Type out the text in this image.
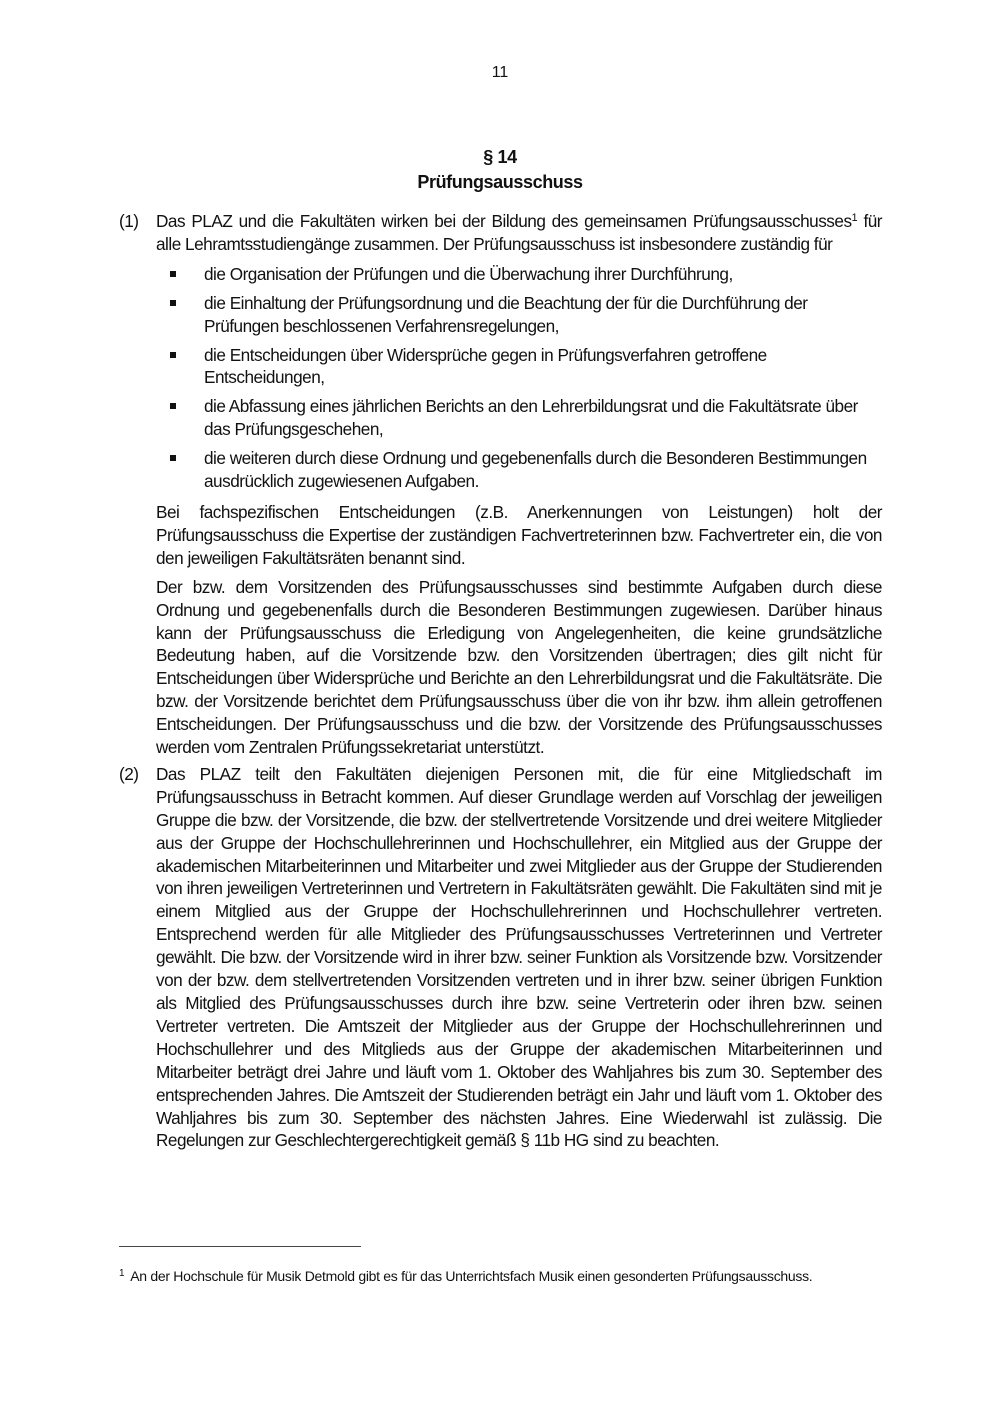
11
§ 14
Prüfungsausschuss
(1) Das PLAZ und die Fakultäten wirken bei der Bildung des gemeinsamen Prüfungsausschusses$^1$ für alle Lehramtsstudiengänge zusammen. Der Prüfungsausschuss ist insbesondere zuständig für
die Organisation der Prüfungen und die Überwachung ihrer Durchführung,
die Einhaltung der Prüfungsordnung und die Beachtung der für die Durchführung der Prüfungen beschlossenen Verfahrensregelungen,
die Entscheidungen über Widersprüche gegen in Prüfungsverfahren getroffene Entscheidungen,
die Abfassung eines jährlichen Berichts an den Lehrerbildungsrat und die Fakultätsrate über das Prüfungsgeschehen,
die weiteren durch diese Ordnung und gegebenenfalls durch die Besonderen Bestimmungen ausdrücklich zugewiesenen Aufgaben.
Bei fachspezifischen Entscheidungen (z.B. Anerkennungen von Leistungen) holt der Prüfungsausschuss die Expertise der zuständigen Fachvertreterinnen bzw. Fachvertreter ein, die von den jeweiligen Fakultätsräten benannt sind.
Der bzw. dem Vorsitzenden des Prüfungsausschusses sind bestimmte Aufgaben durch diese Ordnung und gegebenenfalls durch die Besonderen Bestimmungen zugewiesen. Darüber hinaus kann der Prüfungsausschuss die Erledigung von Angelegenheiten, die keine grundsätzliche Bedeutung haben, auf die Vorsitzende bzw. den Vorsitzenden übertragen; dies gilt nicht für Entscheidungen über Widersprüche und Berichte an den Lehrerbildungsrat und die Fakultätsräte. Die bzw. der Vorsitzende berichtet dem Prüfungsausschuss über die von ihr bzw. ihm allein getroffenen Entscheidungen. Der Prüfungsausschuss und die bzw. der Vorsitzende des Prüfungsausschusses werden vom Zentralen Prüfungssekretariat unterstützt.
(2) Das PLAZ teilt den Fakultäten diejenigen Personen mit, die für eine Mitgliedschaft im Prüfungsausschuss in Betracht kommen. Auf dieser Grundlage werden auf Vorschlag der jeweiligen Gruppe die bzw. der Vorsitzende, die bzw. der stellvertretende Vorsitzende und drei weitere Mitglieder aus der Gruppe der Hochschullehrerinnen und Hochschullehrer, ein Mitglied aus der Gruppe der akademischen Mitarbeiterinnen und Mitarbeiter und zwei Mitglieder aus der Gruppe der Studierenden von ihren jeweiligen Vertreterinnen und Vertretern in Fakultätsräten gewählt. Die Fakultäten sind mit je einem Mitglied aus der Gruppe der Hochschullehrerinnen und Hochschullehrer vertreten. Entsprechend werden für alle Mitglieder des Prüfungsausschusses Vertreterinnen und Vertreter gewählt. Die bzw. der Vorsitzende wird in ihrer bzw. seiner Funktion als Vorsitzende bzw. Vorsitzender von der bzw. dem stellvertretenden Vorsitzenden vertreten und in ihrer bzw. seiner übrigen Funktion als Mitglied des Prüfungsausschusses durch ihre bzw. seine Vertreterin oder ihren bzw. seinen Vertreter vertreten. Die Amtszeit der Mitglieder aus der Gruppe der Hochschullehrerinnen und Hochschullehrer und des Mitglieds aus der Gruppe der akademischen Mitarbeiterinnen und Mitarbeiter beträgt drei Jahre und läuft vom 1. Oktober des Wahljahres bis zum 30. September des entsprechenden Jahres. Die Amtszeit der Studierenden beträgt ein Jahr und läuft vom 1. Oktober des Wahljahres bis zum 30. September des nächsten Jahres. Eine Wiederwahl ist zulässig. Die Regelungen zur Geschlechtergerechtigkeit gemäß § 11b HG sind zu beachten.
$^1$ An der Hochschule für Musik Detmold gibt es für das Unterrichtsfach Musik einen gesonderten Prüfungsausschuss.
